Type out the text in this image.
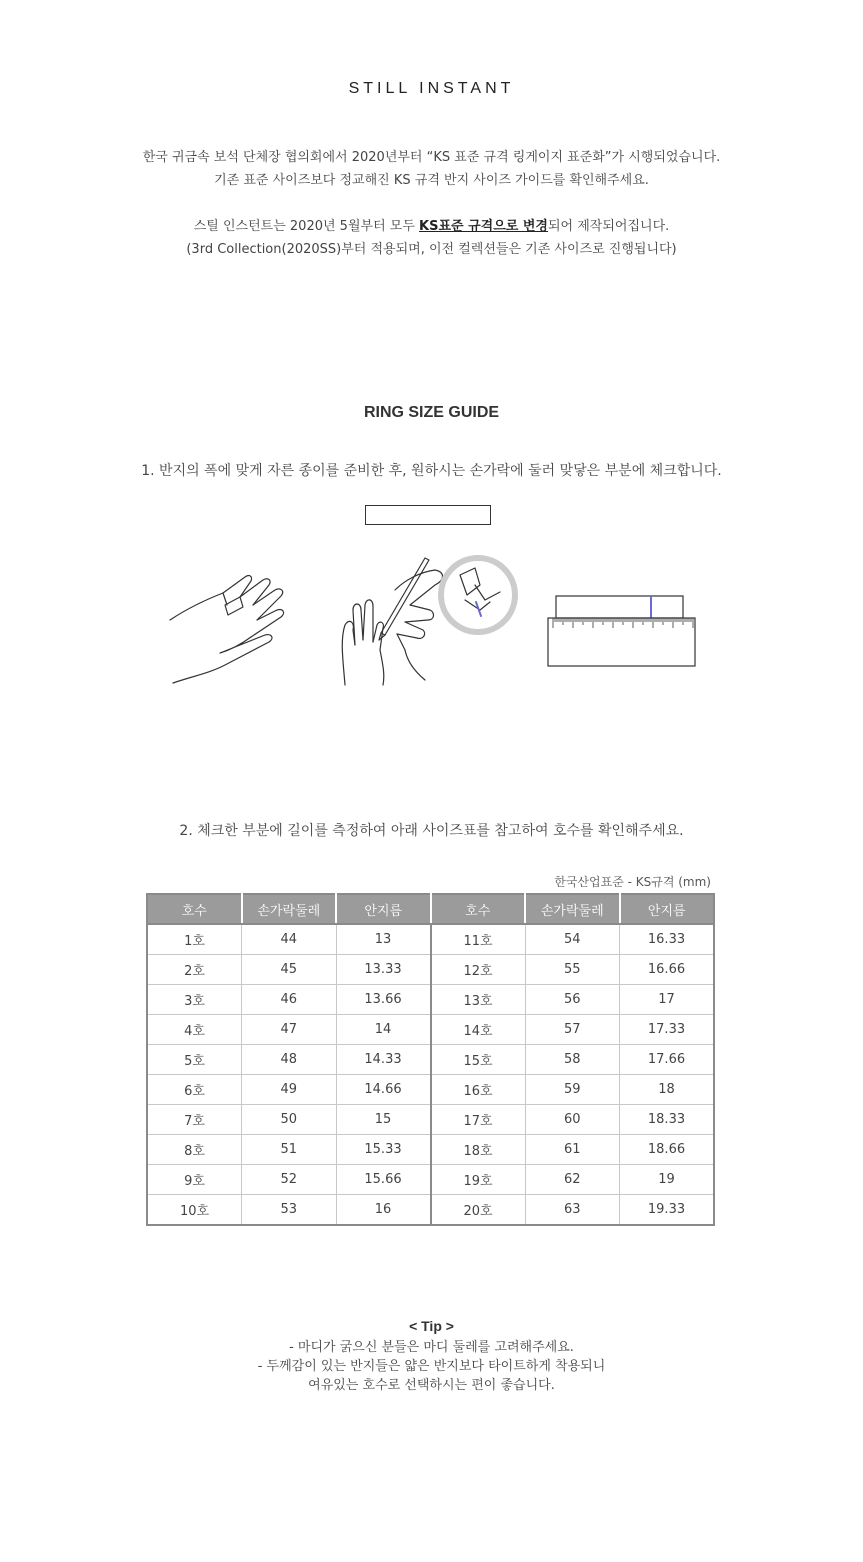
STILL INSTANT
한국 귀금속 보석 단체장 협의회에서 2020년부터 “KS 표준 규격 링게이지 표준화”가 시행되었습니다.
기존 표준 사이즈보다 정교해진 KS 규격 반지 사이즈 가이드를 확인해주세요.
스틸 인스턴트는 2020년 5월부터 모두 KS표준 규격으로 변경되어 제작되어집니다.
(3rd Collection(2020SS)부터 적용되며, 이전 컬렉션들은 기존 사이즈로 진행됩니다)
RING SIZE GUIDE
1. 반지의 폭에 맞게 자른 종이를 준비한 후, 원하시는 손가락에 둘러 맞닿은 부분에 체크합니다.
2. 체크한 부분에 길이를 측정하여 아래 사이즈표를 참고하여 호수를 확인해주세요.
한국산업표준 - KS규격 (mm)
호수	손가락둘레	안지름	호수	손가락둘레	안지름
1호	44	13	11호	54	16.33
2호	45	13.33	12호	55	16.66
3호	46	13.66	13호	56	17
4호	47	14	14호	57	17.33
5호	48	14.33	15호	58	17.66
6호	49	14.66	16호	59	18
7호	50	15	17호	60	18.33
8호	51	15.33	18호	61	18.66
9호	52	15.66	19호	62	19
10호	53	16	20호	63	19.33
< Tip >
- 마디가 굵으신 분들은 마디 둘레를 고려해주세요.
- 두께감이 있는 반지들은 얇은 반지보다 타이트하게 착용되니
여유있는 호수로 선택하시는 편이 좋습니다.
